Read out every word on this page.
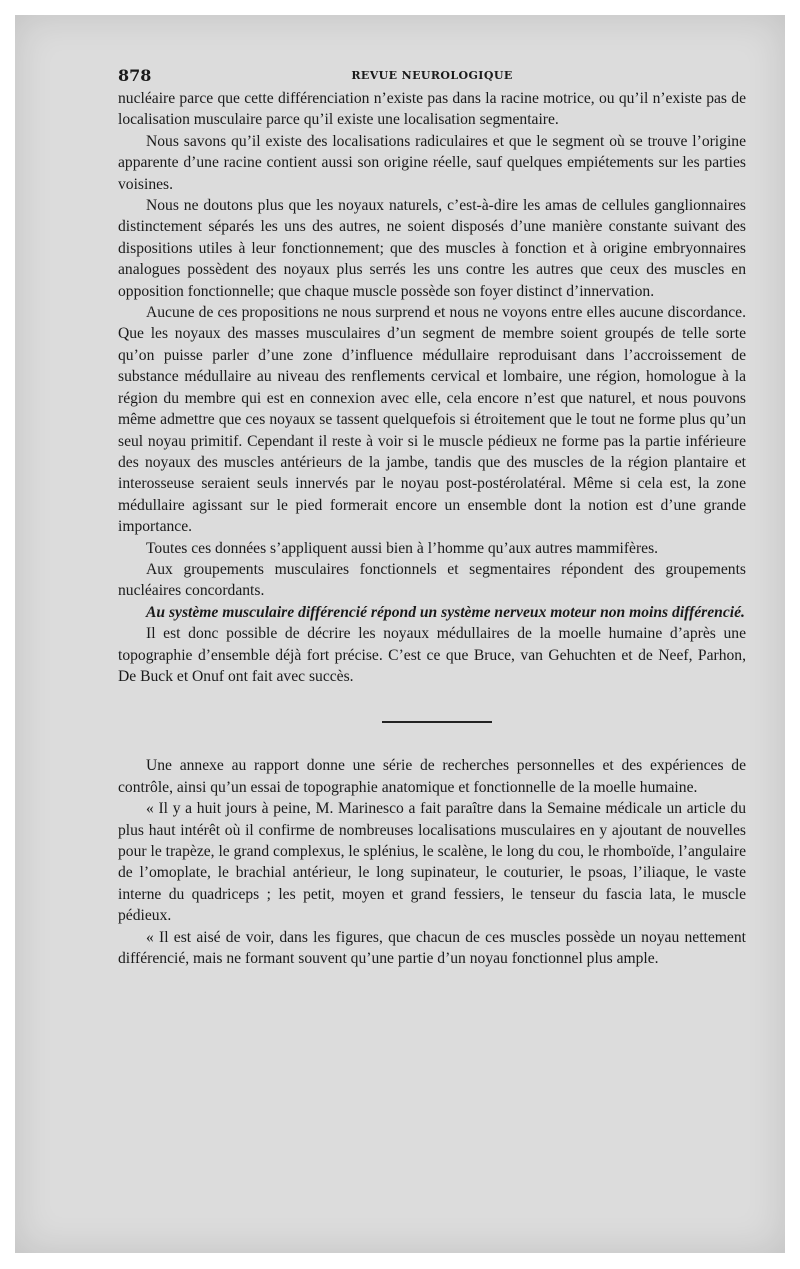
878	REVUE NEUROLOGIQUE

nucléaire parce que cette différenciation n’existe pas dans la racine motrice, ou qu’il n’existe pas de localisation musculaire parce qu’il existe une localisation segmentaire.

Nous savons qu’il existe des localisations radiculaires et que le segment où se trouve l’origine apparente d’une racine contient aussi son origine réelle, sauf quelques empiétements sur les parties voisines.

Nous ne doutons plus que les noyaux naturels, c’est-à-dire les amas de cellules ganglionnaires distinctement séparés les uns des autres, ne soient disposés d’une manière constante suivant des dispositions utiles à leur fonctionnement; que des muscles à fonction et à origine embryonnaires analogues possèdent des noyaux plus serrés les uns contre les autres que ceux des muscles en opposition fonctionnelle; que chaque muscle possède son foyer distinct d’innervation.

Aucune de ces propositions ne nous surprend et nous ne voyons entre elles aucune discordance. Que les noyaux des masses musculaires d’un segment de membre soient groupés de telle sorte qu’on puisse parler d’une zone d’influence médullaire reproduisant dans l’accroissement de substance médullaire au niveau des renflements cervical et lombaire, une région, homologue à la région du membre qui est en connexion avec elle, cela encore n’est que naturel, et nous pouvons même admettre que ces noyaux se tassent quelquefois si étroitement que le tout ne forme plus qu’un seul noyau primitif. Cependant il reste à voir si le muscle pédieux ne forme pas la partie inférieure des noyaux des muscles antérieurs de la jambe, tandis que des muscles de la région plantaire et interosseuse seraient seuls innervés par le noyau post-postérolatéral. Même si cela est, la zone médullaire agissant sur le pied formerait encore un ensemble dont la notion est d’une grande importance.

Toutes ces données s’appliquent aussi bien à l’homme qu’aux autres mammifères.

Aux groupements musculaires fonctionnels et segmentaires répondent des groupements nucléaires concordants.

Au système musculaire différencié répond un système nerveux moteur non moins différencié.

Il est donc possible de décrire les noyaux médullaires de la moelle humaine d’après une topographie d’ensemble déjà fort précise. C’est ce que Bruce, van Gehuchten et de Neef, Parhon, De Buck et Onuf ont fait avec succès.

Une annexe au rapport donne une série de recherches personnelles et des expériences de contrôle, ainsi qu’un essai de topographie anatomique et fonctionnelle de la moelle humaine.

« Il y a huit jours à peine, M. Marinesco a fait paraître dans la Semaine médicale un article du plus haut intérêt où il confirme de nombreuses localisations musculaires en y ajoutant de nouvelles pour le trapèze, le grand complexus, le splénius, le scalène, le long du cou, le rhomboïde, l’angulaire de l’omoplate, le brachial antérieur, le long supinateur, le couturier, le psoas, l’iliaque, le vaste interne du quadriceps ; les petit, moyen et grand fessiers, le tenseur du fascia lata, le muscle pédieux.

« Il est aisé de voir, dans les figures, que chacun de ces muscles possède un noyau nettement différencié, mais ne formant souvent qu’une partie d’un noyau fonctionnel plus ample.
